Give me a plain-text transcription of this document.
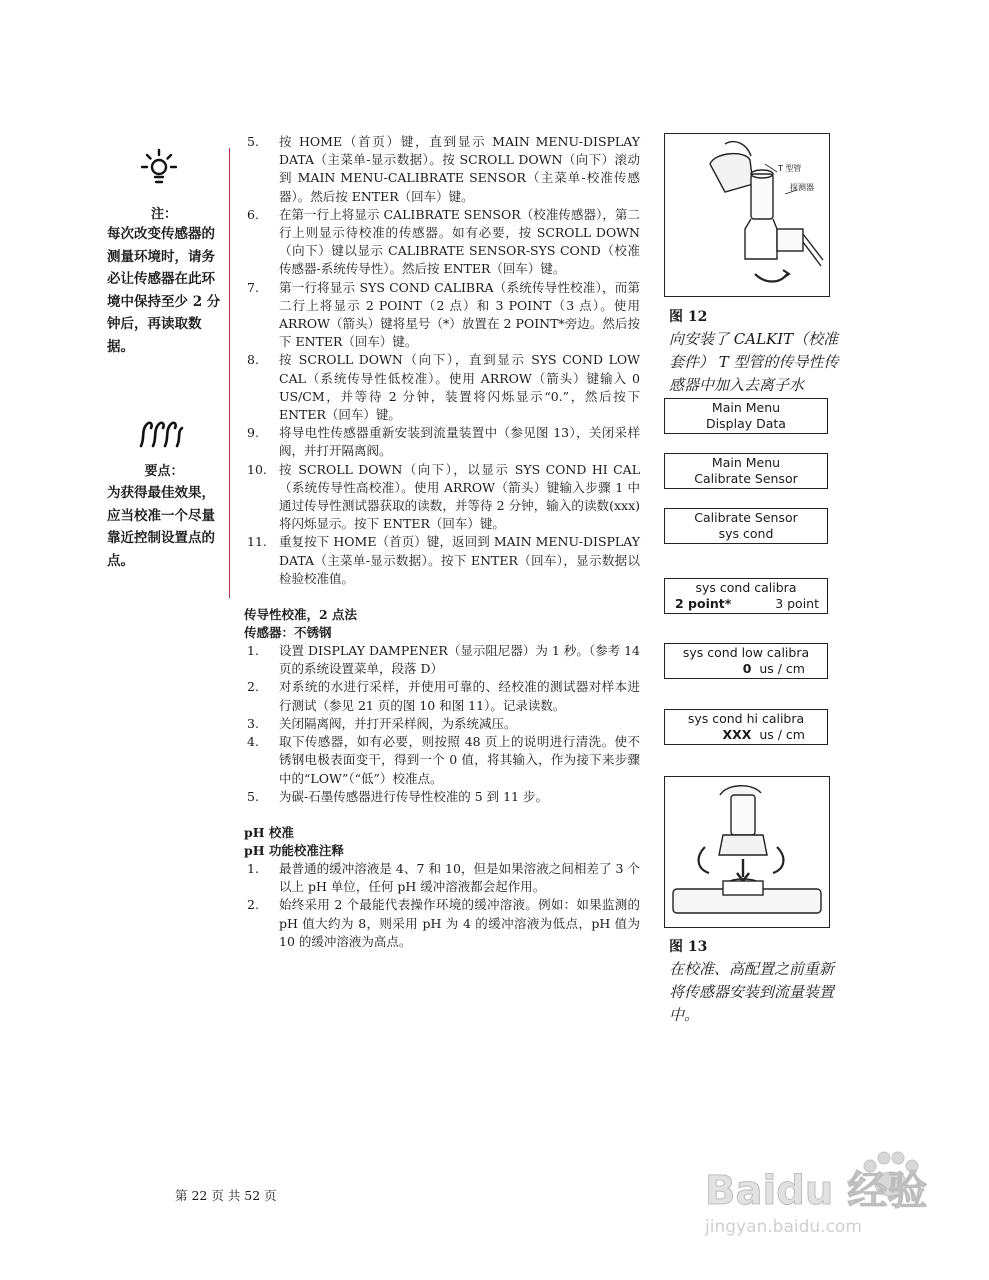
注：
每次改变传感器的测量环境时，请务必让传感器在此环境中保持至少 2 分钟后，再读取数据。
要点：
为获得最佳效果，应当校准一个尽量靠近控制设置点的点。
5. 按 HOME（首页）键，直到显示 MAIN MENU-DISPLAY DATA（主菜单-显示数据）。按 SCROLL DOWN（向下）滚动到 MAIN MENU-CALIBRATE SENSOR（主菜单-校准传感器）。然后按 ENTER（回车）键。
6. 在第一行上将显示 CALIBRATE SENSOR（校准传感器），第二行上则显示待校准的传感器。如有必要，按 SCROLL DOWN（向下）键以显示 CALIBRATE SENSOR-SYS COND（校准传感器-系统传导性）。然后按 ENTER（回车）键。
7. 第一行将显示 SYS COND CALIBRA（系统传导性校准），而第二行上将显示 2 POINT（2 点）和 3 POINT（3 点）。使用 ARROW（箭头）键将星号（*）放置在 2 POINT*旁边。然后按下 ENTER（回车）键。
8. 按 SCROLL DOWN（向下），直到显示 SYS COND LOW CAL（系统传导性低校准）。使用 ARROW（箭头）键输入 0 US/CM，并等待 2 分钟，装置将闪烁显示“0.”，然后按下 ENTER（回车）键。
9. 将导电性传感器重新安装到流量装置中（参见图 13），关闭采样阀，并打开隔离阀。
10. 按 SCROLL DOWN（向下），以显示 SYS COND HI CAL（系统传导性高校准）。使用 ARROW（箭头）键输入步骤 1 中通过传导性测试器获取的读数，并等待 2 分钟，输入的读数(xxx)将闪烁显示。按下 ENTER（回车）键。
11. 重复按下 HOME（首页）键，返回到 MAIN MENU-DISPLAY DATA（主菜单-显示数据）。按下 ENTER（回车），显示数据以检验校准值。
传导性校准，2 点法
传感器：不锈钢
1. 设置 DISPLAY DAMPENER（显示阻尼器）为 1 秒。（参考 14 页的系统设置菜单，段落 D）
2. 对系统的水进行采样，并使用可靠的、经校准的测试器对样本进行测试（参见 21 页的图 10 和图 11）。记录读数。
3. 关闭隔离阀，并打开采样阀，为系统减压。
4. 取下传感器，如有必要，则按照 48 页上的说明进行清洗。使不锈钢电极表面变干，得到一个 0 值，将其输入，作为接下来步骤中的“LOW”（“低”）校准点。
5. 为碳-石墨传感器进行传导性校准的 5 到 11 步。
pH 校准
pH 功能校准注释
1. 最普通的缓冲溶液是 4、7 和 10，但是如果溶液之间相差了 3 个以上 pH 单位，任何 pH 缓冲溶液都会起作用。
2. 始终采用 2 个最能代表操作环境的缓冲溶液。例如：如果监测的 pH 值大约为 8，则采用 pH 为 4 的缓冲溶液为低点，pH 值为 10 的缓冲溶液为高点。
T 型管
探测器
图 12
向安装了 CALKIT（校准套件） T 型管的传导性传感器中加入去离子水
Main Menu
Display Data
Main Menu
Calibrate Sensor
Calibrate Sensor
sys cond
sys cond calibra
2 point*	3 point
sys cond low calibra
0 us / cm
sys cond hi calibra
XXX us / cm
图 13
在校准、高配置之前重新将传感器安装到流量装置中。
第 22 页 共 52 页	Baidu 经验
jingyan.baidu.com
